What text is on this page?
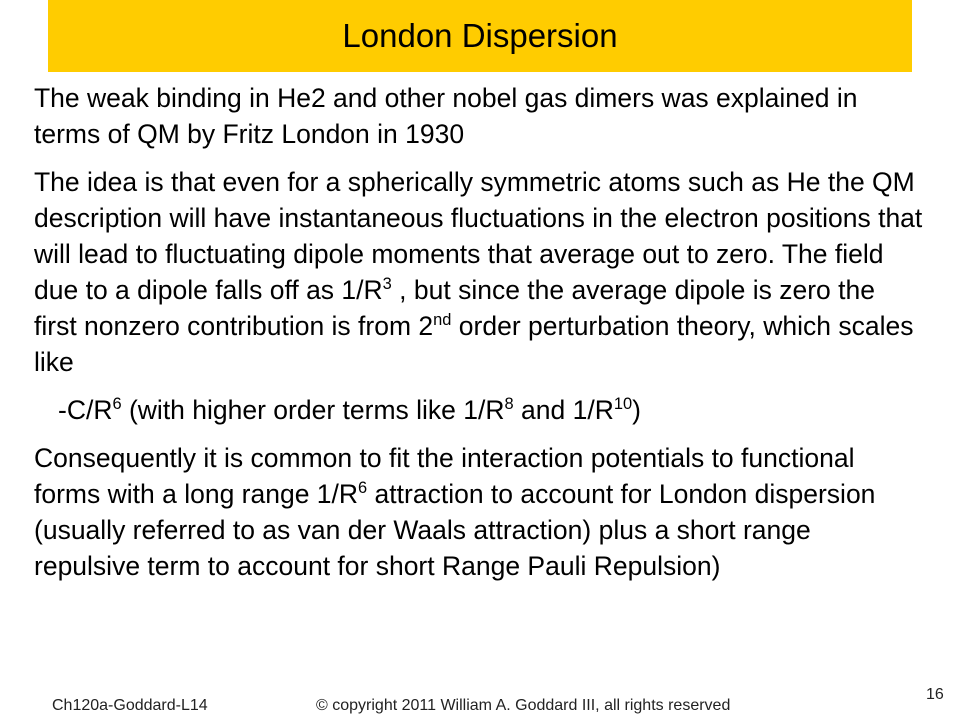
London Dispersion

The weak binding in He2 and other nobel gas dimers was explained in terms of QM by Fritz London in 1930

The idea is that even for a spherically symmetric atoms such as He the QM description will have instantaneous fluctuations in the electron positions that will lead to fluctuating dipole moments that average out to zero. The field due to a dipole falls off as $1/R^3$ , but since the average dipole is zero the first nonzero contribution is from 2nd order perturbation theory, which scales like

$-C/R^6$ (with higher order terms like $1/R^8$ and $1/R^{10}$)

Consequently it is common to fit the interaction potentials to functional forms with a long range $1/R^6$ attraction to account for London dispersion (usually referred to as van der Waals attraction) plus a short range repulsive term to account for short Range Pauli Repulsion)

Ch120a-Goddard-L14	© copyright 2011 William A. Goddard III, all rights reserved
16
